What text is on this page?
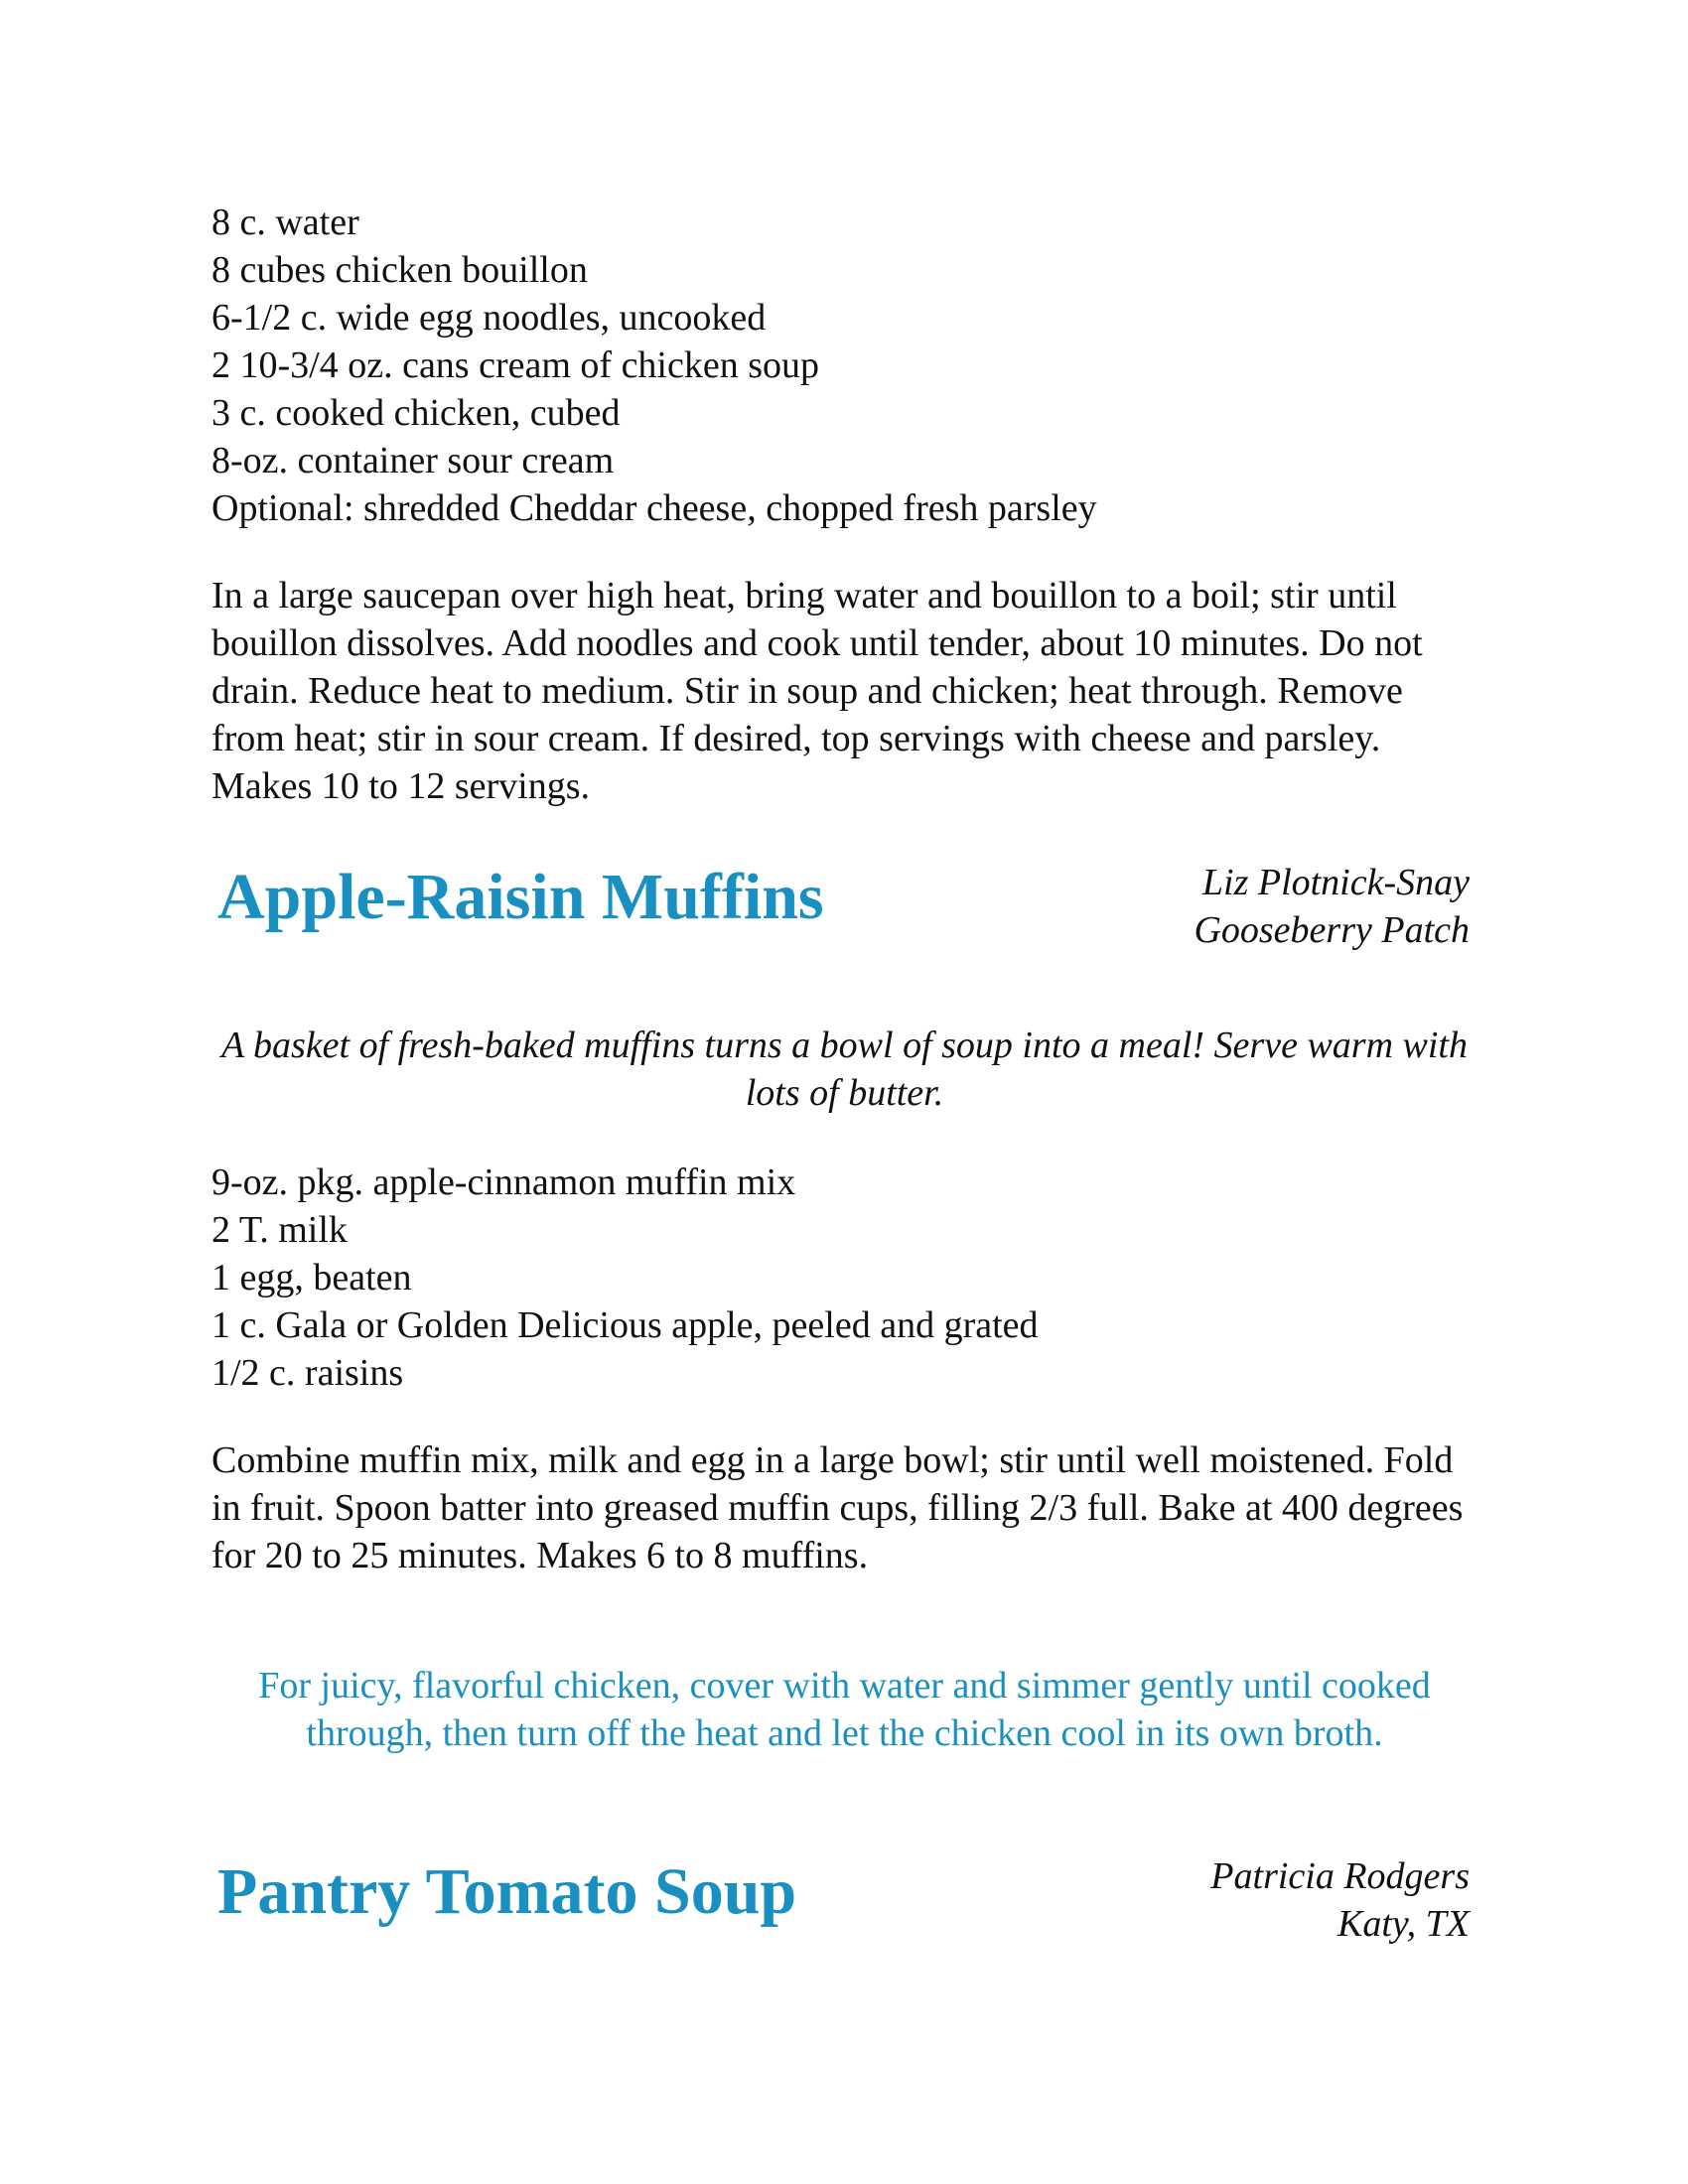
8 c. water
8 cubes chicken bouillon
6-1/2 c. wide egg noodles, uncooked
2 10-3/4 oz. cans cream of chicken soup
3 c. cooked chicken, cubed
8-oz. container sour cream
Optional: shredded Cheddar cheese, chopped fresh parsley
In a large saucepan over high heat, bring water and bouillon to a boil; stir until bouillon dissolves. Add noodles and cook until tender, about 10 minutes. Do not drain. Reduce heat to medium. Stir in soup and chicken; heat through. Remove from heat; stir in sour cream. If desired, top servings with cheese and parsley. Makes 10 to 12 servings.
Apple-Raisin Muffins	Liz Plotnick-Snay
Gooseberry Patch
A basket of fresh-baked muffins turns a bowl of soup into a meal! Serve warm with lots of butter.
9-oz. pkg. apple-cinnamon muffin mix
2 T. milk
1 egg, beaten
1 c. Gala or Golden Delicious apple, peeled and grated
1/2 c. raisins
Combine muffin mix, milk and egg in a large bowl; stir until well moistened. Fold in fruit. Spoon batter into greased muffin cups, filling 2/3 full. Bake at 400 degrees for 20 to 25 minutes. Makes 6 to 8 muffins.
For juicy, flavorful chicken, cover with water and simmer gently until cooked through, then turn off the heat and let the chicken cool in its own broth.
Pantry Tomato Soup	Patricia Rodgers
Katy, TX
